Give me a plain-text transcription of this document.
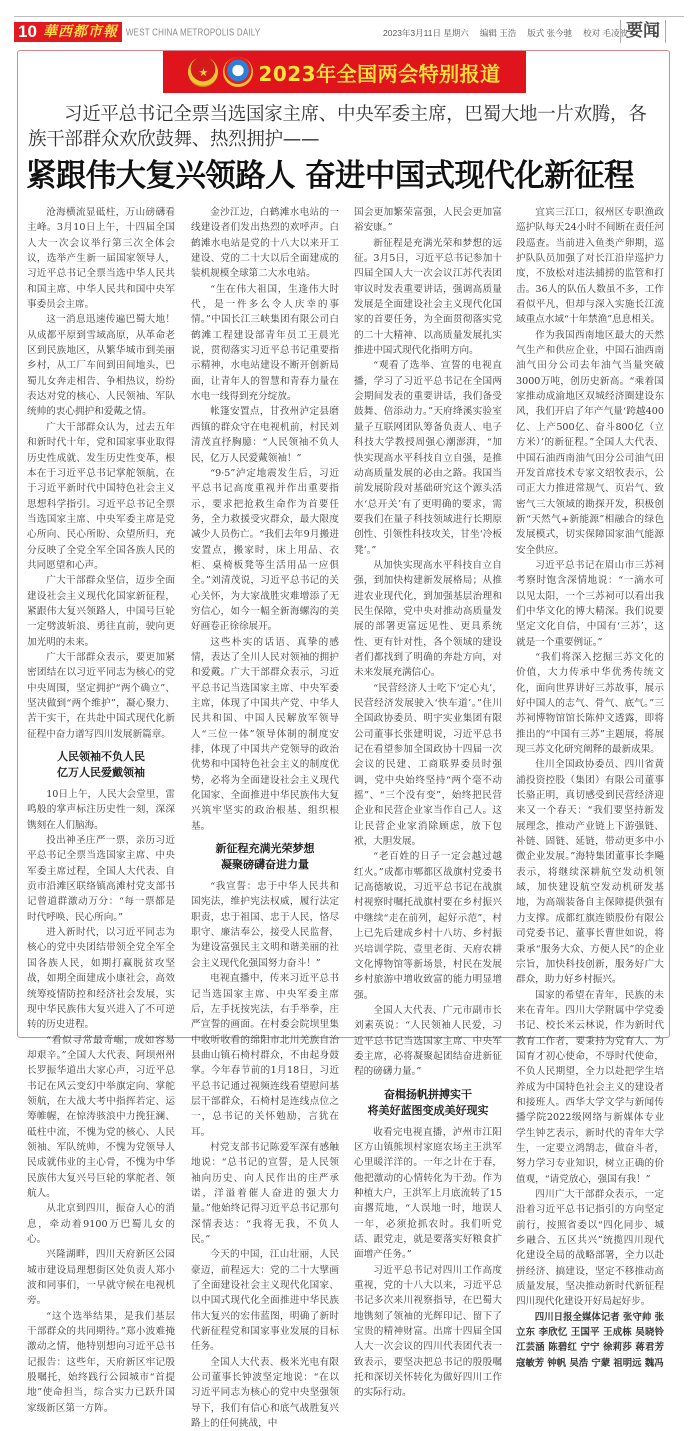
10 華西都市報 WEST CHINA METROPOLIS DAILY	2023年3月11日 星期六 编辑 王浩 版式 张今驰 校对 毛凌波
要闻
★	2023年全国两会特别报道
习近平总书记全票当选国家主席、中央军委主席，巴蜀大地一片欢腾，各族干部群众欢欣鼓舞、热烈拥护——
紧跟伟大复兴领路人 奋进中国式现代化新征程

沧海横流显砥柱，万山磅礴看主峰。3月10日上午，十四届全国人大一次会议举行第三次全体会议，选举产生新一届国家领导人，习近平总书记全票当选中华人民共和国主席、中华人民共和国中央军事委员会主席。

这一消息迅速传遍巴蜀大地！从成都平原到雪域高原，从革命老区到民族地区，从繁华城市到美丽乡村，从工厂车间到田间地头，巴蜀儿女奔走相告、争相热议，纷纷表达对党的核心、人民领袖、军队统帅的衷心拥护和爱戴之情。

广大干部群众认为，过去五年和新时代十年，党和国家事业取得历史性成就、发生历史性变革，根本在于习近平总书记掌舵领航，在于习近平新时代中国特色社会主义思想科学指引。习近平总书记全票当选国家主席、中央军委主席是党心所向、民心所盼、众望所归，充分反映了全党全军全国各族人民的共同愿望和心声。

广大干部群众坚信，迈步全面建设社会主义现代化国家新征程，紧跟伟大复兴领路人，中国号巨轮一定劈波斩浪、勇往直前，驶向更加光明的未来。

广大干部群众表示，要更加紧密团结在以习近平同志为核心的党中央周围，坚定拥护“两个确立”、坚决做到“两个维护”，凝心聚力、苦干实干，在共赴中国式现代化新征程中奋力谱写四川发展新篇章。

人民领袖不负人民
亿万人民爱戴领袖

10日上午，人民大会堂里，雷鸣般的掌声标注历史性一刻，深深镌刻在人们脑海。

投出神圣庄严一票，亲历习近平总书记全票当选国家主席、中央军委主席过程，全国人大代表、自贡市沿滩区联络镇高滩村党支部书记曾道群激动万分：“每一票都是时代呼唤、民心所向。”

进入新时代，以习近平同志为核心的党中央团结带领全党全军全国各族人民，如期打赢脱贫攻坚战，如期全面建成小康社会，高效统筹疫情防控和经济社会发展，实现中华民族伟大复兴进入了不可逆转的历史进程。

“看似寻常最奇崛，成如容易却艰辛。”全国人大代表、阿坝州州长罗振华道出大家心声，习近平总书记在风云变幻中举旗定向、掌舵领航，在大战大考中指挥若定、运筹帷幄，在惊涛骇浪中力挽狂澜、砥柱中流，不愧为党的核心、人民领袖、军队统帅，不愧为党领导人民成就伟业的主心骨，不愧为中华民族伟大复兴号巨轮的掌舵者、领航人。

从北京到四川，振奋人心的消息，牵动着9100万巴蜀儿女的心。

兴隆湖畔，四川天府新区公园城市建设局理想街区处负责人郑小波和同事们，一早就守候在电视机旁。

“这个选举结果，是我们基层干部群众的共同期待。”郑小波难掩激动之情，他特别想向习近平总书记报告：这些年，天府新区牢记殷殷嘱托，始终践行公园城市“首提地”使命担当，综合实力已跃升国家级新区第一方阵。

金沙江边，白鹤滩水电站的一线建设者们发出热烈的欢呼声。白鹤滩水电站是党的十八大以来开工建设、党的二十大以后全面建成的装机规模全球第二大水电站。

“生在伟大祖国，生逢伟大时代，是一件多么令人庆幸的事情。”中国长江三峡集团有限公司白鹤滩工程建设部青年员工王晨光说，贯彻落实习近平总书记重要指示精神，水电站建设不断开创新局面，让青年人的智慧和青春力量在水电一线得到充分绽放。

帐篷安置点，甘孜州泸定县磨西镇的群众守在电视机前，村民刘清茂直抒胸臆：“人民领袖不负人民，亿万人民爱戴领袖！”

“9·5”泸定地震发生后，习近平总书记高度重视并作出重要指示，要求把抢救生命作为首要任务，全力救援受灾群众，最大限度减少人员伤亡。“我们去年9月搬进安置点，搬家时，床上用品、衣柜、桌椅板凳等生活用品一应俱全。”刘清茂说，习近平总书记的关心关怀，为大家战胜灾难增添了无穷信心，如今一幅全新海螺沟的美好画卷正徐徐展开。

这些朴实的话语、真挚的感情，表达了全川人民对领袖的拥护和爱戴。广大干部群众表示，习近平总书记当选国家主席、中央军委主席，体现了中国共产党、中华人民共和国、中国人民解放军领导人“三位一体”领导体制的制度安排，体现了中国共产党领导的政治优势和中国特色社会主义的制度优势，必将为全面建设社会主义现代化国家、全面推进中华民族伟大复兴筑牢坚实的政治根基、组织根基。

新征程充满光荣梦想
凝聚磅礴奋进力量

“我宣誓：忠于中华人民共和国宪法，维护宪法权威，履行法定职责，忠于祖国、忠于人民，恪尽职守、廉洁奉公，接受人民监督，为建设富强民主文明和谐美丽的社会主义现代化强国努力奋斗！”

电视直播中，传来习近平总书记当选国家主席、中央军委主席后，左手抚按宪法，右手举拳，庄严宣誓的画面。在村委会院坝里集中收听收看的绵阳市北川羌族自治县曲山镇石椅村群众，不由起身鼓掌。今年春节前的1月18日，习近平总书记通过视频连线看望慰问基层干部群众，石椅村是连线点位之一，总书记的关怀勉励，言犹在耳。

村党支部书记陈爱军深有感触地说：“总书记的宣誓，是人民领袖向历史、向人民作出的庄严承诺，洋溢着催人奋进的强大力量。”他始终记得习近平总书记那句深情表达：“我将无我，不负人民。”

今天的中国，江山壮丽，人民豪迈，前程远大：党的二十大擘画了全面建设社会主义现代化国家、以中国式现代化全面推进中华民族伟大复兴的宏伟蓝图，明确了新时代新征程党和国家事业发展的目标任务。

全国人大代表、极米光电有限公司董事长钟波坚定地说：“在以习近平同志为核心的党中央坚强领导下，我们有信心和底气战胜复兴路上的任何挑战，中

国会更加繁荣富强，人民会更加富裕安康。”

新征程是充满光荣和梦想的远征。3月5日，习近平总书记参加十四届全国人大一次会议江苏代表团审议时发表重要讲话，强调高质量发展是全面建设社会主义现代化国家的首要任务，为全面贯彻落实党的二十大精神、以高质量发展扎实推进中国式现代化指明方向。

“观看了选举、宣誓的电视直播，学习了习近平总书记在全国两会期间发表的重要讲话，我们备受鼓舞、倍添动力。”天府绛溪实验室量子互联网团队筹备负责人、电子科技大学教授周强心潮澎湃，“加快实现高水平科技自立自强，是推动高质量发展的必由之路。我国当前发展阶段对基础研究这个源头活水‘总开关’有了更明确的要求，需要我们在量子科技领域进行长期原创性、引领性科技攻关，甘坐‘冷板凳’。”

从加快实现高水平科技自立自强，到加快构建新发展格局；从推进农业现代化，到加强基层治理和民生保障，党中央对推动高质量发展的部署更富远见性、更具系统性、更有针对性，各个领域的建设者们都找到了明确的奔赴方向，对未来发展充满信心。

“民营经济人士吃下‘定心丸’，民营经济发展驶入‘快车道’。”住川全国政协委员、明宇实业集团有限公司董事长张建明说，习近平总书记在看望参加全国政协十四届一次会议的民建、工商联界委员时强调，党中央始终坚持“两个毫不动摇”、“三个没有变”，始终把民营企业和民营企业家当作自己人。这让民营企业家消除顾虑，放下包袱，大胆发展。

“老百姓的日子一定会越过越红火。”成都市郫都区战旗村党委书记高德敏说，习近平总书记在战旗村视察时嘱托战旗村要在乡村振兴中继续“走在前列，起好示范”，村上已先后建成乡村十八坊、乡村振兴培训学院、壹里老街、天府农耕文化博物馆等新场景，村民在发展乡村旅游中增收致富的能力明显增强。

全国人大代表、广元市副市长刘素英说：“人民领袖人民爱，习近平总书记当选国家主席、中央军委主席，必将凝聚起团结奋进新征程的磅礴力量。”

奋楫扬帆拼搏实干
将美好蓝图变成美好现实

收看完电视直播，泸州市江阳区方山镇熊坝村家庭农场主王洪军心里暖洋洋的。一年之计在于春，他把激动的心情转化为干劲。作为种植大户，王洪军上月底流转了15亩撂荒地，“人误地一时，地误人一年，必须抢抓农时。我们听党话、跟党走，就是要落实好粮食扩面增产任务。”

习近平总书记对四川工作高度重视，党的十八大以来，习近平总书记多次来川视察指导，在巴蜀大地镌刻了领袖的光辉印记、留下了宝贵的精神财富。出席十四届全国人大一次会议的四川代表团代表一致表示，要坚决把总书记的殷殷嘱托和深切关怀转化为做好四川工作的实际行动。

宜宾三江口，叙州区专职渔政巡护队每天24小时不间断在责任河段巡查。当前进入鱼类产卵期，巡护队队员加强了对长江沿岸巡护力度，不放松对违法捕捞的监管和打击。36人的队伍人数虽不多，工作看似平凡，但却与深入实施长江流域重点水域“十年禁渔”息息相关。

作为我国西南地区最大的天然气生产和供应企业，中国石油西南油气田分公司去年油气当量突破3000万吨，创历史新高。“乘着国家推动成渝地区双城经济圈建设东风，我们开启了年产气量‘跨越400亿、上产500亿、奋斗800亿（立方米）’的新征程。”全国人大代表、中国石油西南油气田分公司油气田开发首席技术专家文绍牧表示，公司正大力推进常规气、页岩气、致密气三大领域的勘探开发，积极创新“天然气+新能源”相融合的绿色发展模式，切实保障国家油气能源安全供应。

习近平总书记在眉山市三苏祠考察时饱含深情地说：“一滴水可以见太阳，一个三苏祠可以看出我们中华文化的博大精深。我们说要坚定文化自信，中国有‘三苏’，这就是一个重要例证。”

“我们将深入挖掘三苏文化的价值，大力传承中华优秀传统文化，面向世界讲好三苏故事，展示好中国人的志气、骨气、底气。”三苏祠博物馆馆长陈仲文透露，即将推出的“中国有三苏”主题展，将展现三苏文化研究阐释的最新成果。

住川全国政协委员、四川省黄浦投资控股（集团）有限公司董事长骆正明，真切感受到民营经济迎来又一个春天：“我们要坚持新发展理念，推动产业链上下游强链、补链、固链、延链，带动更多中小微企业发展。”海特集团董事长李飚表示，将继续深耕航空发动机领域，加快建设航空发动机研发基地，为高端装备自主保障提供强有力支撑。成都红旗连锁股份有限公司党委书记、董事长曹世如说，将秉承“服务大众、方便人民”的企业宗旨，加快科技创新，服务好广大群众，助力好乡村振兴。

国家的希望在青年，民族的未来在青年。四川大学附属中学党委书记、校长米云林说，作为新时代教育工作者，要秉持为党育人、为国育才初心使命，不辱时代使命，不负人民期望，全力以赴把学生培养成为中国特色社会主义的建设者和接班人。西华大学文学与新闻传播学院2022级网络与新媒体专业学生钟艺表示，新时代的青年大学生，一定要立鸿鹄志，做奋斗者，努力学习专业知识，树立正确的价值观，“请党放心，强国有我！”

四川广大干部群众表示，一定沿着习近平总书记指引的方向坚定前行，按照省委以“四化同步、城乡融合、五区共兴”统揽四川现代化建设全局的战略部署，全力以赴拼经济、搞建设，坚定不移推动高质量发展，坚决推动新时代新征程四川现代化建设开好局起好步。

四川日报全媒体记者 张守帅 张立东 李欣忆 王国平 王成栋 吴晓铃 江芸涵 陈碧红 宁宁 徐莉莎 蒋君芳 寇敏芳 钟帆 吴浩 宁蒙 祖明远 魏冯
